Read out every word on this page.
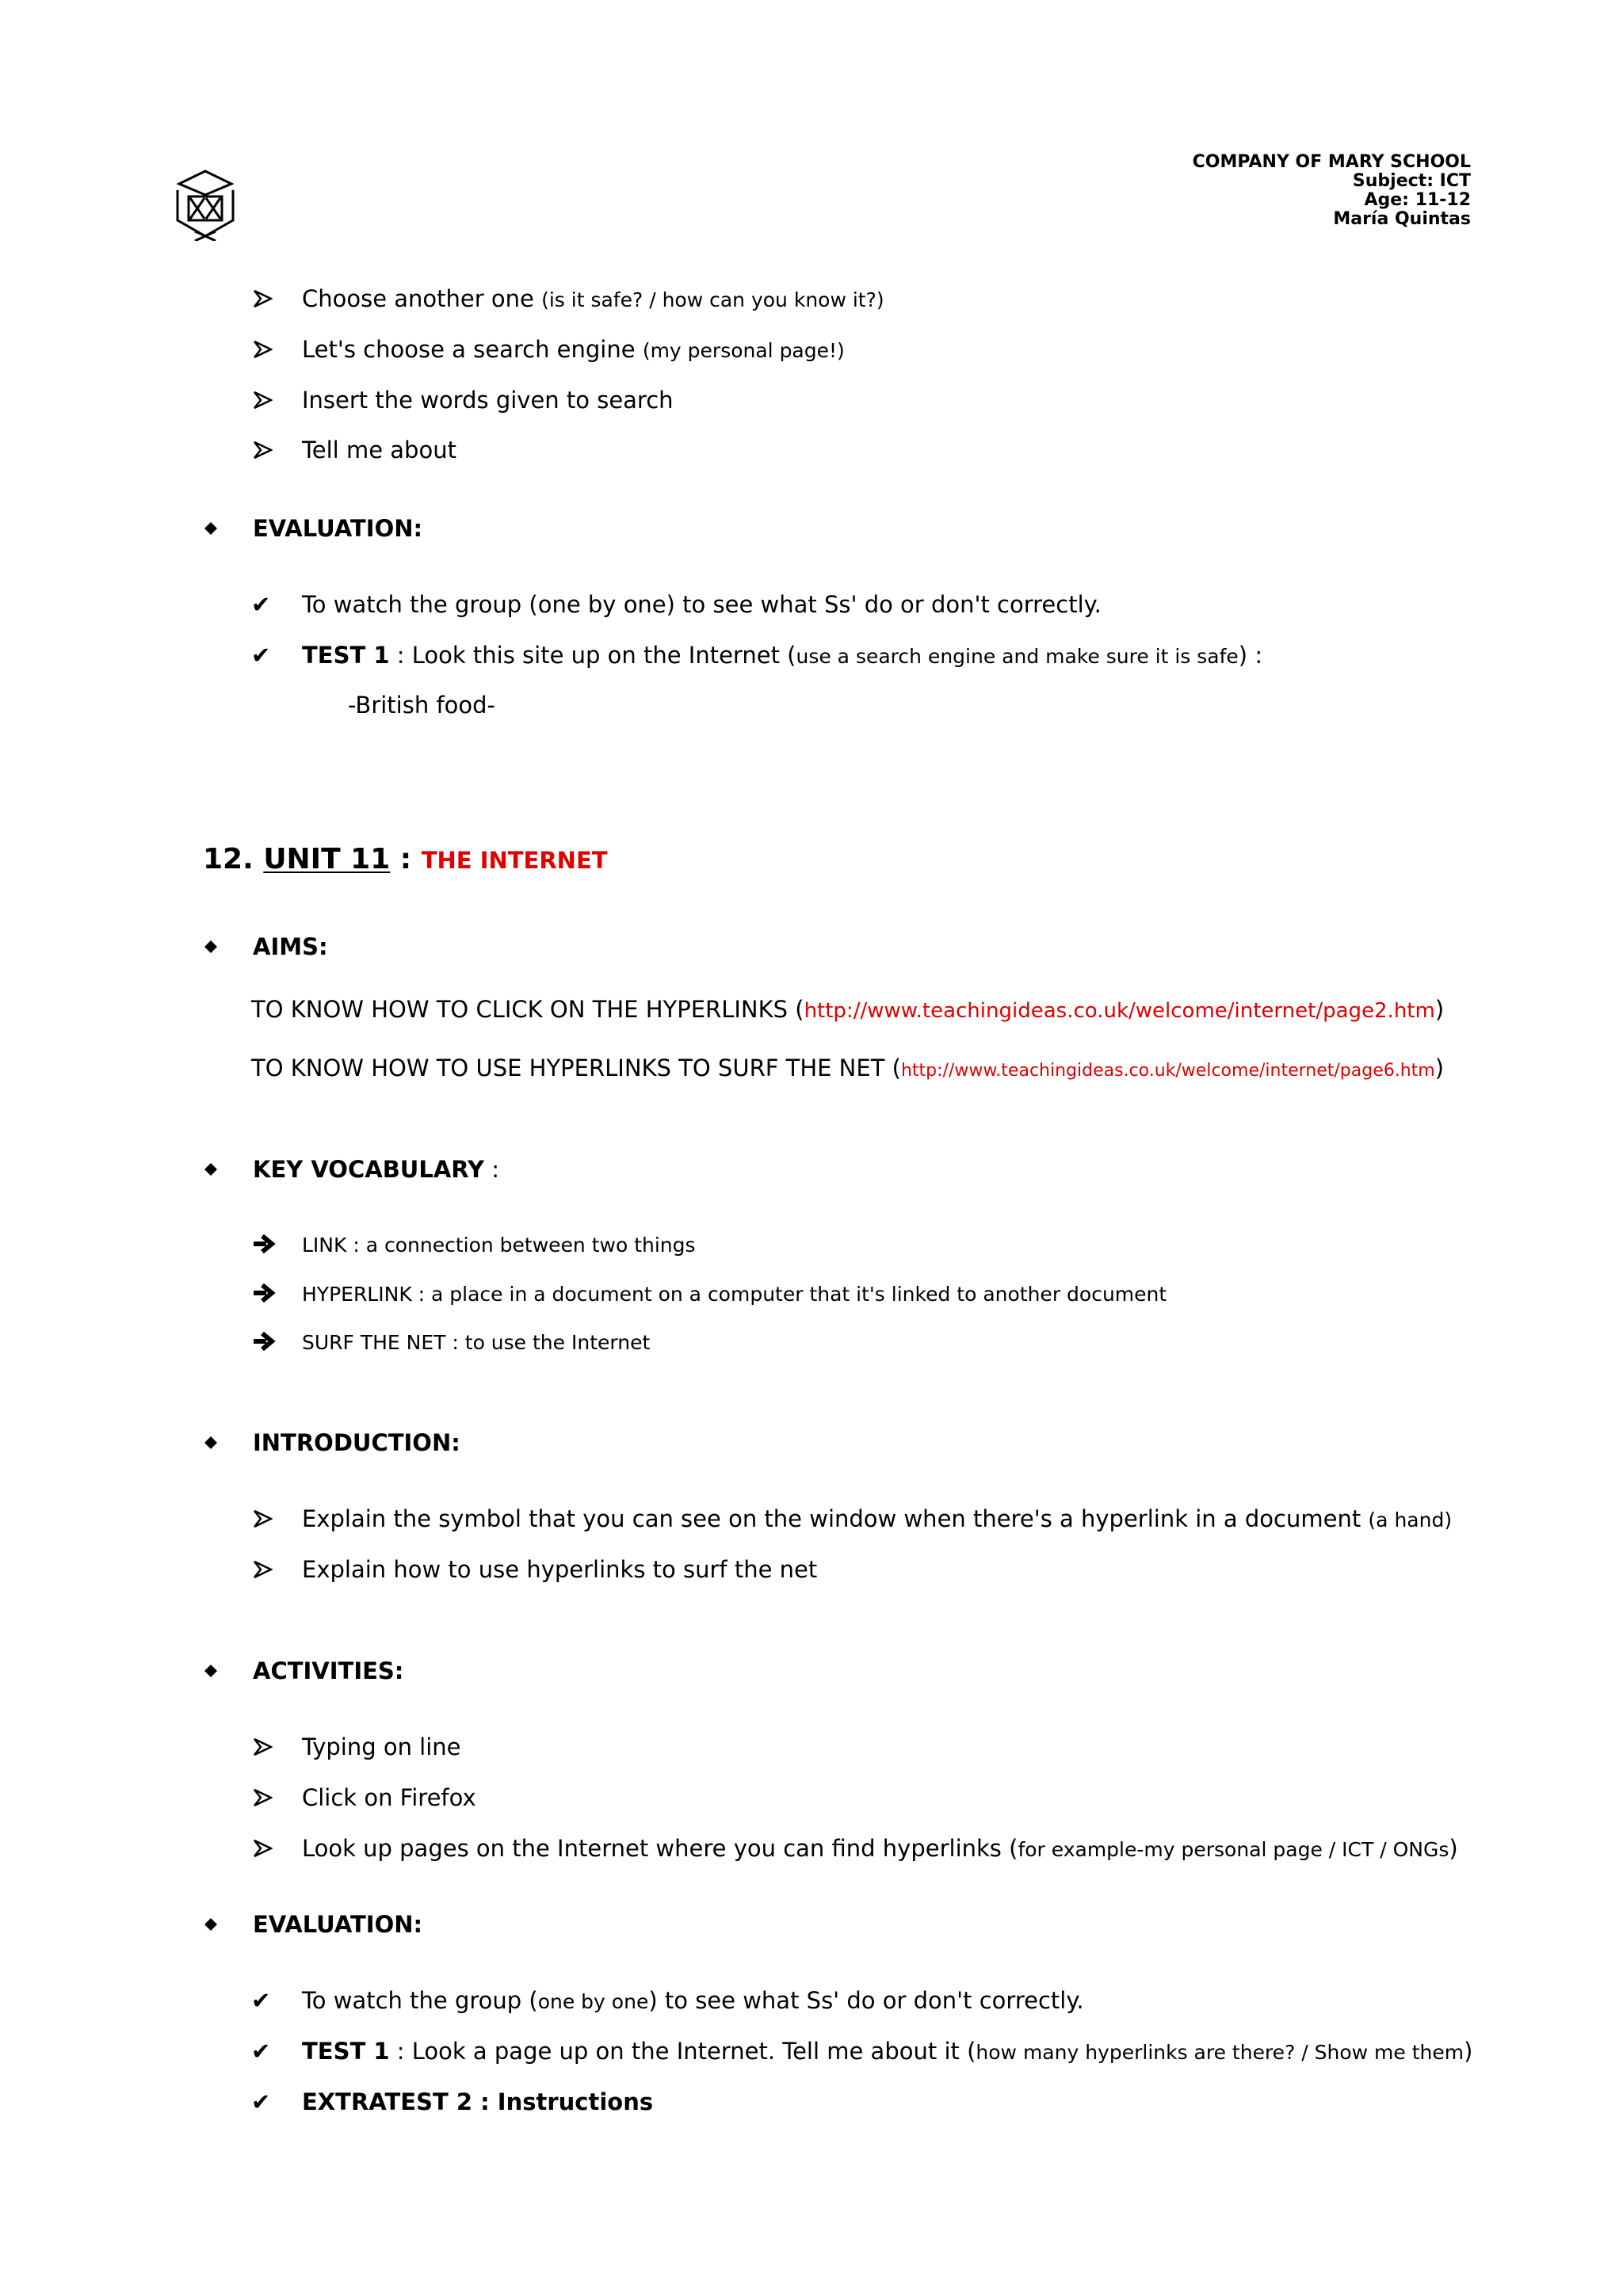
COMPANY OF MARY SCHOOL
Subject: ICT
Age: 11-12
María Quintas
Choose another one (is it safe? / how can you know it?)
Let's choose a search engine (my personal page!)
Insert the words given to search
Tell me about
EVALUATION:
✔ To watch the group (one by one) to see what Ss' do or don't correctly.
✔ TEST 1 : Look this site up on the Internet (use a search engine and make sure it is safe) :
-British food-
12. UNIT 11 : THE INTERNET
AIMS:
TO KNOW HOW TO CLICK ON THE HYPERLINKS (http://www.teachingideas.co.uk/welcome/internet/page2.htm)
TO KNOW HOW TO USE HYPERLINKS TO SURF THE NET (http://www.teachingideas.co.uk/welcome/internet/page6.htm)
KEY VOCABULARY :
LINK : a connection between two things
HYPERLINK : a place in a document on a computer that it's linked to another document
SURF THE NET : to use the Internet
INTRODUCTION:
Explain the symbol that you can see on the window when there's a hyperlink in a document (a hand)
Explain how to use hyperlinks to surf the net
ACTIVITIES:
Typing on line
Click on Firefox
Look up pages on the Internet where you can find hyperlinks (for example-my personal page / ICT / ONGs)
EVALUATION:
✔ To watch the group (one by one) to see what Ss' do or don't correctly.
✔ TEST 1 : Look a page up on the Internet. Tell me about it (how many hyperlinks are there? / Show me them)
✔ EXTRATEST 2 : Instructions
